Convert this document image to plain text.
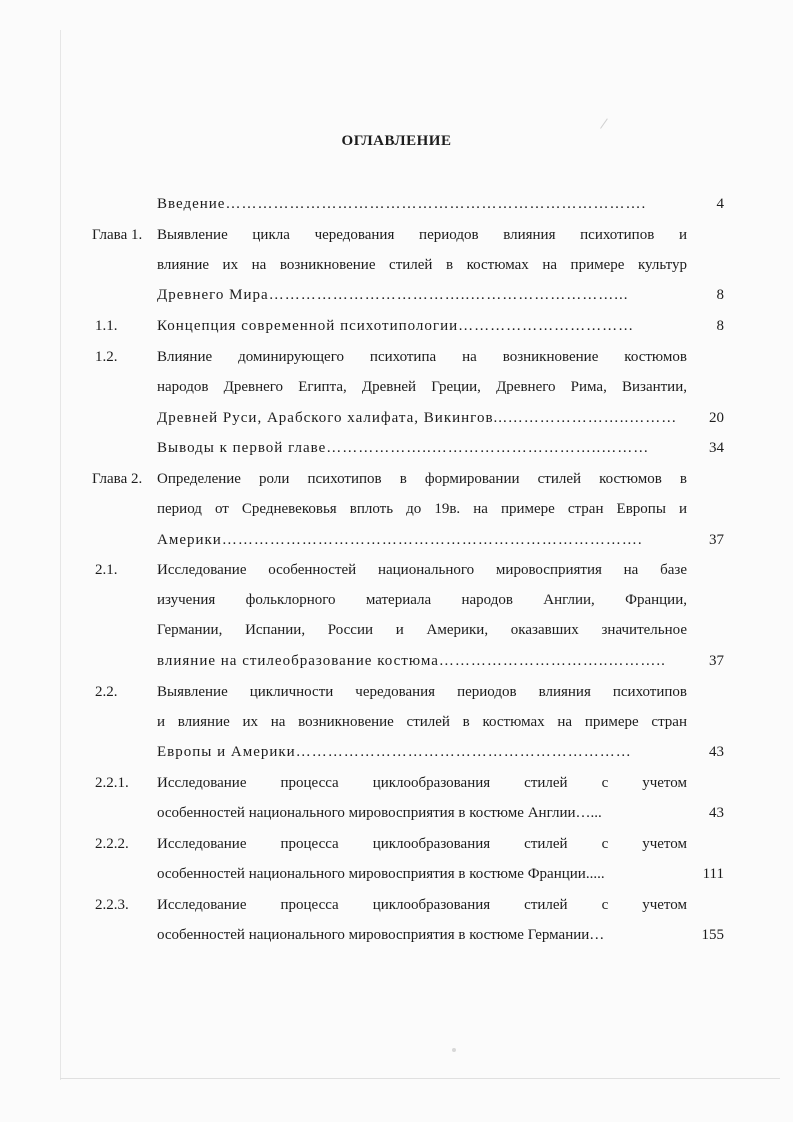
ОГЛАВЛЕНИЕ
Введение…………………………………………………………………….	4
Глава 1. Выявление цикла чередования периодов влияния психотипов и
влияние их на возникновение стилей в костюмах на примере культур
Древнего Мира………………………………..………………………...	8
1.1.	Концепция современной психотипологии……………………………	8
1.2.	Влияние доминирующего психотипа на возникновение костюмов
народов Древнего Египта, Древней Греции, Древнего Рима, Византии,
Древней Руси, Арабского халифата, Викингов...…………………..………	20
Выводы к первой главе………………..…………………………..………	34
Глава 2. Определение роли психотипов в формировании стилей костюмов в
период от Средневековья вплоть до 19в. на примере стран Европы и
Америки…………………………………………………………………….	37
2.1.	Исследование особенностей национального мировосприятия на базе
изучения фольклорного материала народов Англии, Франции,
Германии, Испании, России и Америки, оказавших значительное
влияние на стилеобразование костюма…………………………..………..	37
2.2.	Выявление цикличности чередования периодов влияния психотипов
и влияние их на возникновение стилей в костюмах на примере стран
Европы и Америки………………………………………………………	43
2.2.1. Исследование процесса циклообразования стилей с учетом
особенностей национального мировосприятия в костюме Англии…...	43
2.2.2. Исследование процесса циклообразования стилей с учетом
особенностей национального мировосприятия в костюме Франции.....	111
2.2.3. Исследование процесса циклообразования стилей с учетом
особенностей национального мировосприятия в костюме Германии…	155
